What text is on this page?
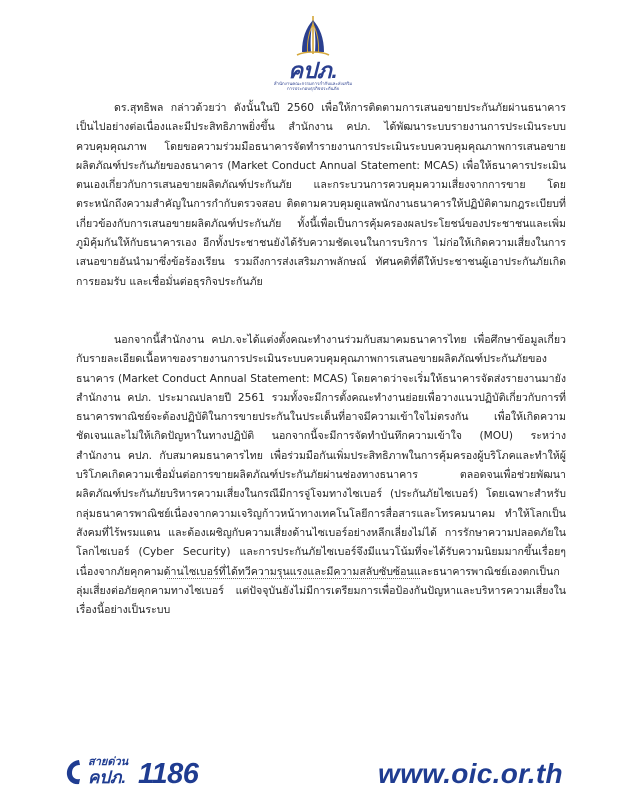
คปภ.
สำนักงานคณะกรรมการกำกับและส่งเสริม
การประกอบธุรกิจประกันภัย

ดร.สุทธิพล กล่าวด้วยว่า ดังนั้นในปี 2560 เพื่อให้การติดตามการเสนอขายประกันภัยผ่านธนาคารเป็นไปอย่างต่อเนื่องและมีประสิทธิภาพยิ่งขึ้น สำนักงาน คปภ. ได้พัฒนาระบบรายงานการประเมินระบบควบคุมคุณภาพ โดยขอความร่วมมือธนาคารจัดทำรายงานการประเมินระบบควบคุมคุณภาพการเสนอขายผลิตภัณฑ์ประกันภัยของธนาคาร (Market Conduct Annual Statement: MCAS) เพื่อให้ธนาคารประเมินตนเองเกี่ยวกับการเสนอขายผลิตภัณฑ์ประกันภัย และกระบวนการควบคุมความเสี่ยงจากการขาย โดยตระหนักถึงความสำคัญในการกำกับตรวจสอบ ติดตามควบคุมดูแลพนักงานธนาคารให้ปฏิบัติตามกฎระเบียบที่เกี่ยวข้องกับการเสนอขายผลิตภัณฑ์ประกันภัย ทั้งนี้เพื่อเป็นการคุ้มครองผลประโยชน์ของประชาชนและเพิ่มภูมิคุ้มกันให้กับธนาคารเอง อีกทั้งประชาชนยังได้รับความชัดเจนในการบริการ ไม่ก่อให้เกิดความเสี่ยงในการเสนอขายอันนำมาซึ่งข้อร้องเรียน รวมถึงการส่งเสริมภาพลักษณ์ ทัศนคติที่ดีให้ประชาชนผู้เอาประกันภัยเกิดการยอมรับ และเชื่อมั่นต่อธุรกิจประกันภัย

นอกจากนี้สำนักงาน คปภ.จะได้แต่งตั้งคณะทำงานร่วมกับสมาคมธนาคารไทย เพื่อศึกษาข้อมูลเกี่ยวกับรายละเอียดเนื้อหาของรายงานการประเมินระบบควบคุมคุณภาพการเสนอขายผลิตภัณฑ์ประกันภัยของธนาคาร (Market Conduct Annual Statement: MCAS) โดยคาดว่าจะเริ่มให้ธนาคารจัดส่งรายงานมายังสำนักงาน คปภ. ประมาณปลายปี 2561 รวมทั้งจะมีการตั้งคณะทำงานย่อยเพื่อวางแนวปฏิบัติเกี่ยวกับการที่ธนาคารพาณิชย์จะต้องปฏิบัติในการขายประกันในประเด็นที่อาจมีความเข้าใจไม่ตรงกัน เพื่อให้เกิดความชัดเจนและไม่ให้เกิดปัญหาในทางปฏิบัติ นอกจากนี้จะมีการจัดทำบันทึกความเข้าใจ (MOU) ระหว่าง สำนักงาน คปภ. กับสมาคมธนาคารไทย เพื่อร่วมมือกันเพิ่มประสิทธิภาพในการคุ้มครองผู้บริโภคและทำให้ผู้บริโภคเกิดความเชื่อมั่นต่อการขายผลิตภัณฑ์ประกันภัยผ่านช่องทางธนาคาร ตลอดจนเพื่อช่วยพัฒนาผลิตภัณฑ์ประกันภัยบริหารความเสี่ยงในกรณีมีการจู่โจมทางไซเบอร์ (ประกันภัยไซเบอร์) โดยเฉพาะสำหรับกลุ่มธนาคารพาณิชย์เนื่องจากความเจริญก้าวหน้าทางเทคโนโลยีการสื่อสารและโทรคมนาคม ทำให้โลกเป็นสังคมที่ไร้พรมแดน และต้องเผชิญกับความเสี่ยงด้านไซเบอร์อย่างหลีกเลี่ยงไม่ได้ การรักษาความปลอดภัยในโลกไซเบอร์ (Cyber Security) และการประกันภัยไซเบอร์จึงมีแนวโน้มที่จะได้รับความนิยมมากขึ้นเรื่อยๆ เนื่องจากภัยคุกคามด้านไซเบอร์ที่ได้ทวีความรุนแรงและมีความสลับซับซ้อนและธนาคารพาณิชย์เองตกเป็นกลุ่มเสี่ยงต่อภัยคุกคามทางไซเบอร์ แต่ปัจจุบันยังไม่มีการเตรียมการเพื่อป้องกันปัญหาและบริหารความเสี่ยงในเรื่องนี้อย่างเป็นระบบ

สายด่วน
คปภ. 1186	www.oic.or.th
